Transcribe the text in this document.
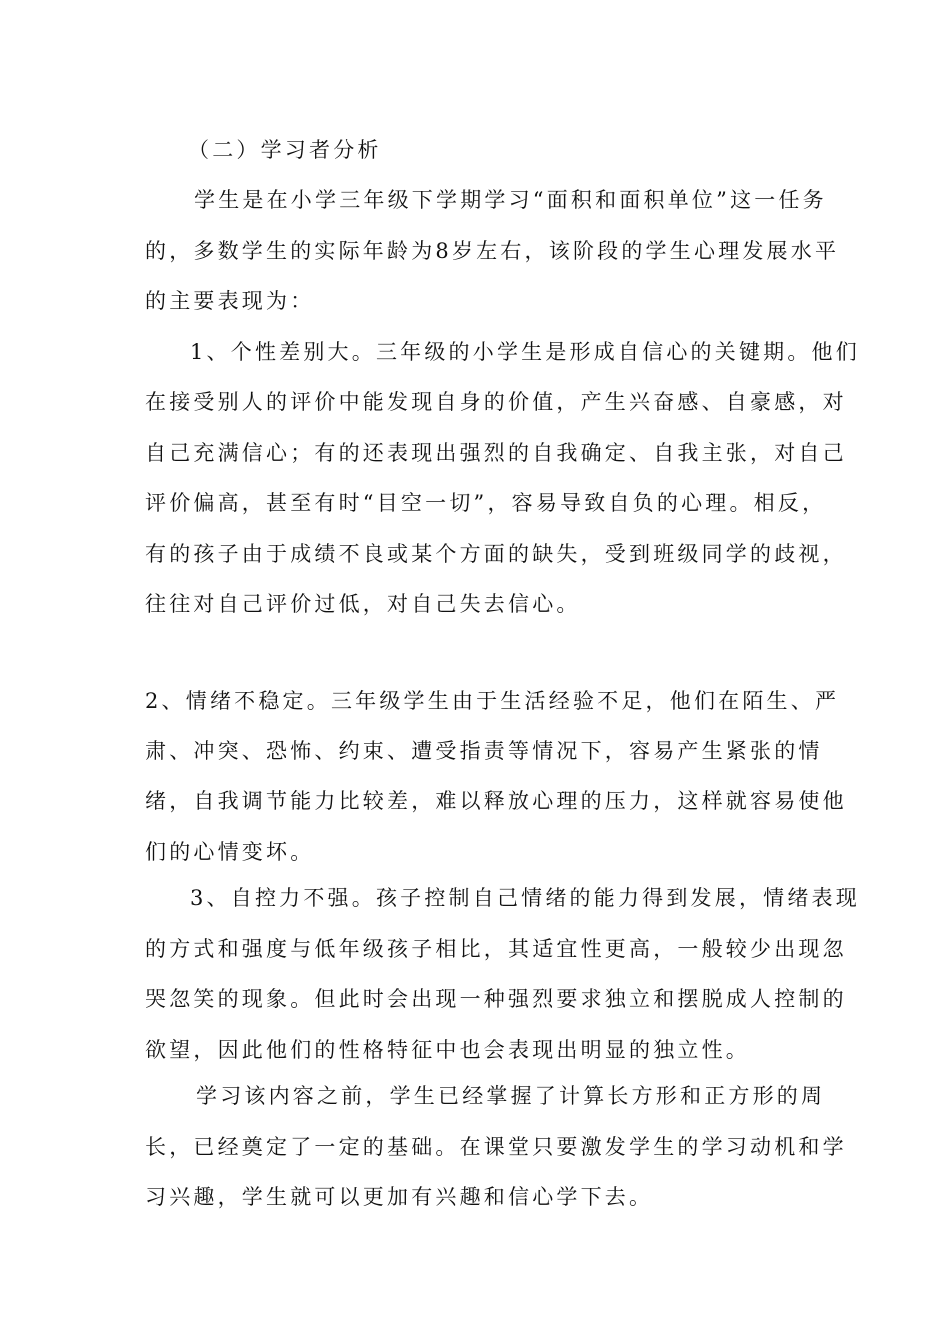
（二）学习者分析
学生是在小学三年级下学期学习“面积和面积单位”这一任务
的，多数学生的实际年龄为8岁左右，该阶段的学生心理发展水平
的主要表现为：
1、个性差别大。三年级的小学生是形成自信心的关键期。他们
在接受别人的评价中能发现自身的价值，产生兴奋感、自豪感，对
自己充满信心；有的还表现出强烈的自我确定、自我主张，对自己
评价偏高，甚至有时“目空一切”，容易导致自负的心理。相反，
有的孩子由于成绩不良或某个方面的缺失，受到班级同学的歧视，
往往对自己评价过低，对自己失去信心。
2、情绪不稳定。三年级学生由于生活经验不足，他们在陌生、严
肃、冲突、恐怖、约束、遭受指责等情况下，容易产生紧张的情
绪，自我调节能力比较差，难以释放心理的压力，这样就容易使他
们的心情变坏。
3、自控力不强。孩子控制自己情绪的能力得到发展，情绪表现
的方式和强度与低年级孩子相比，其适宜性更高，一般较少出现忽
哭忽笑的现象。但此时会出现一种强烈要求独立和摆脱成人控制的
欲望，因此他们的性格特征中也会表现出明显的独立性。
学习该内容之前，学生已经掌握了计算长方形和正方形的周
长，已经奠定了一定的基础。在课堂只要激发学生的学习动机和学
习兴趣，学生就可以更加有兴趣和信心学下去。
